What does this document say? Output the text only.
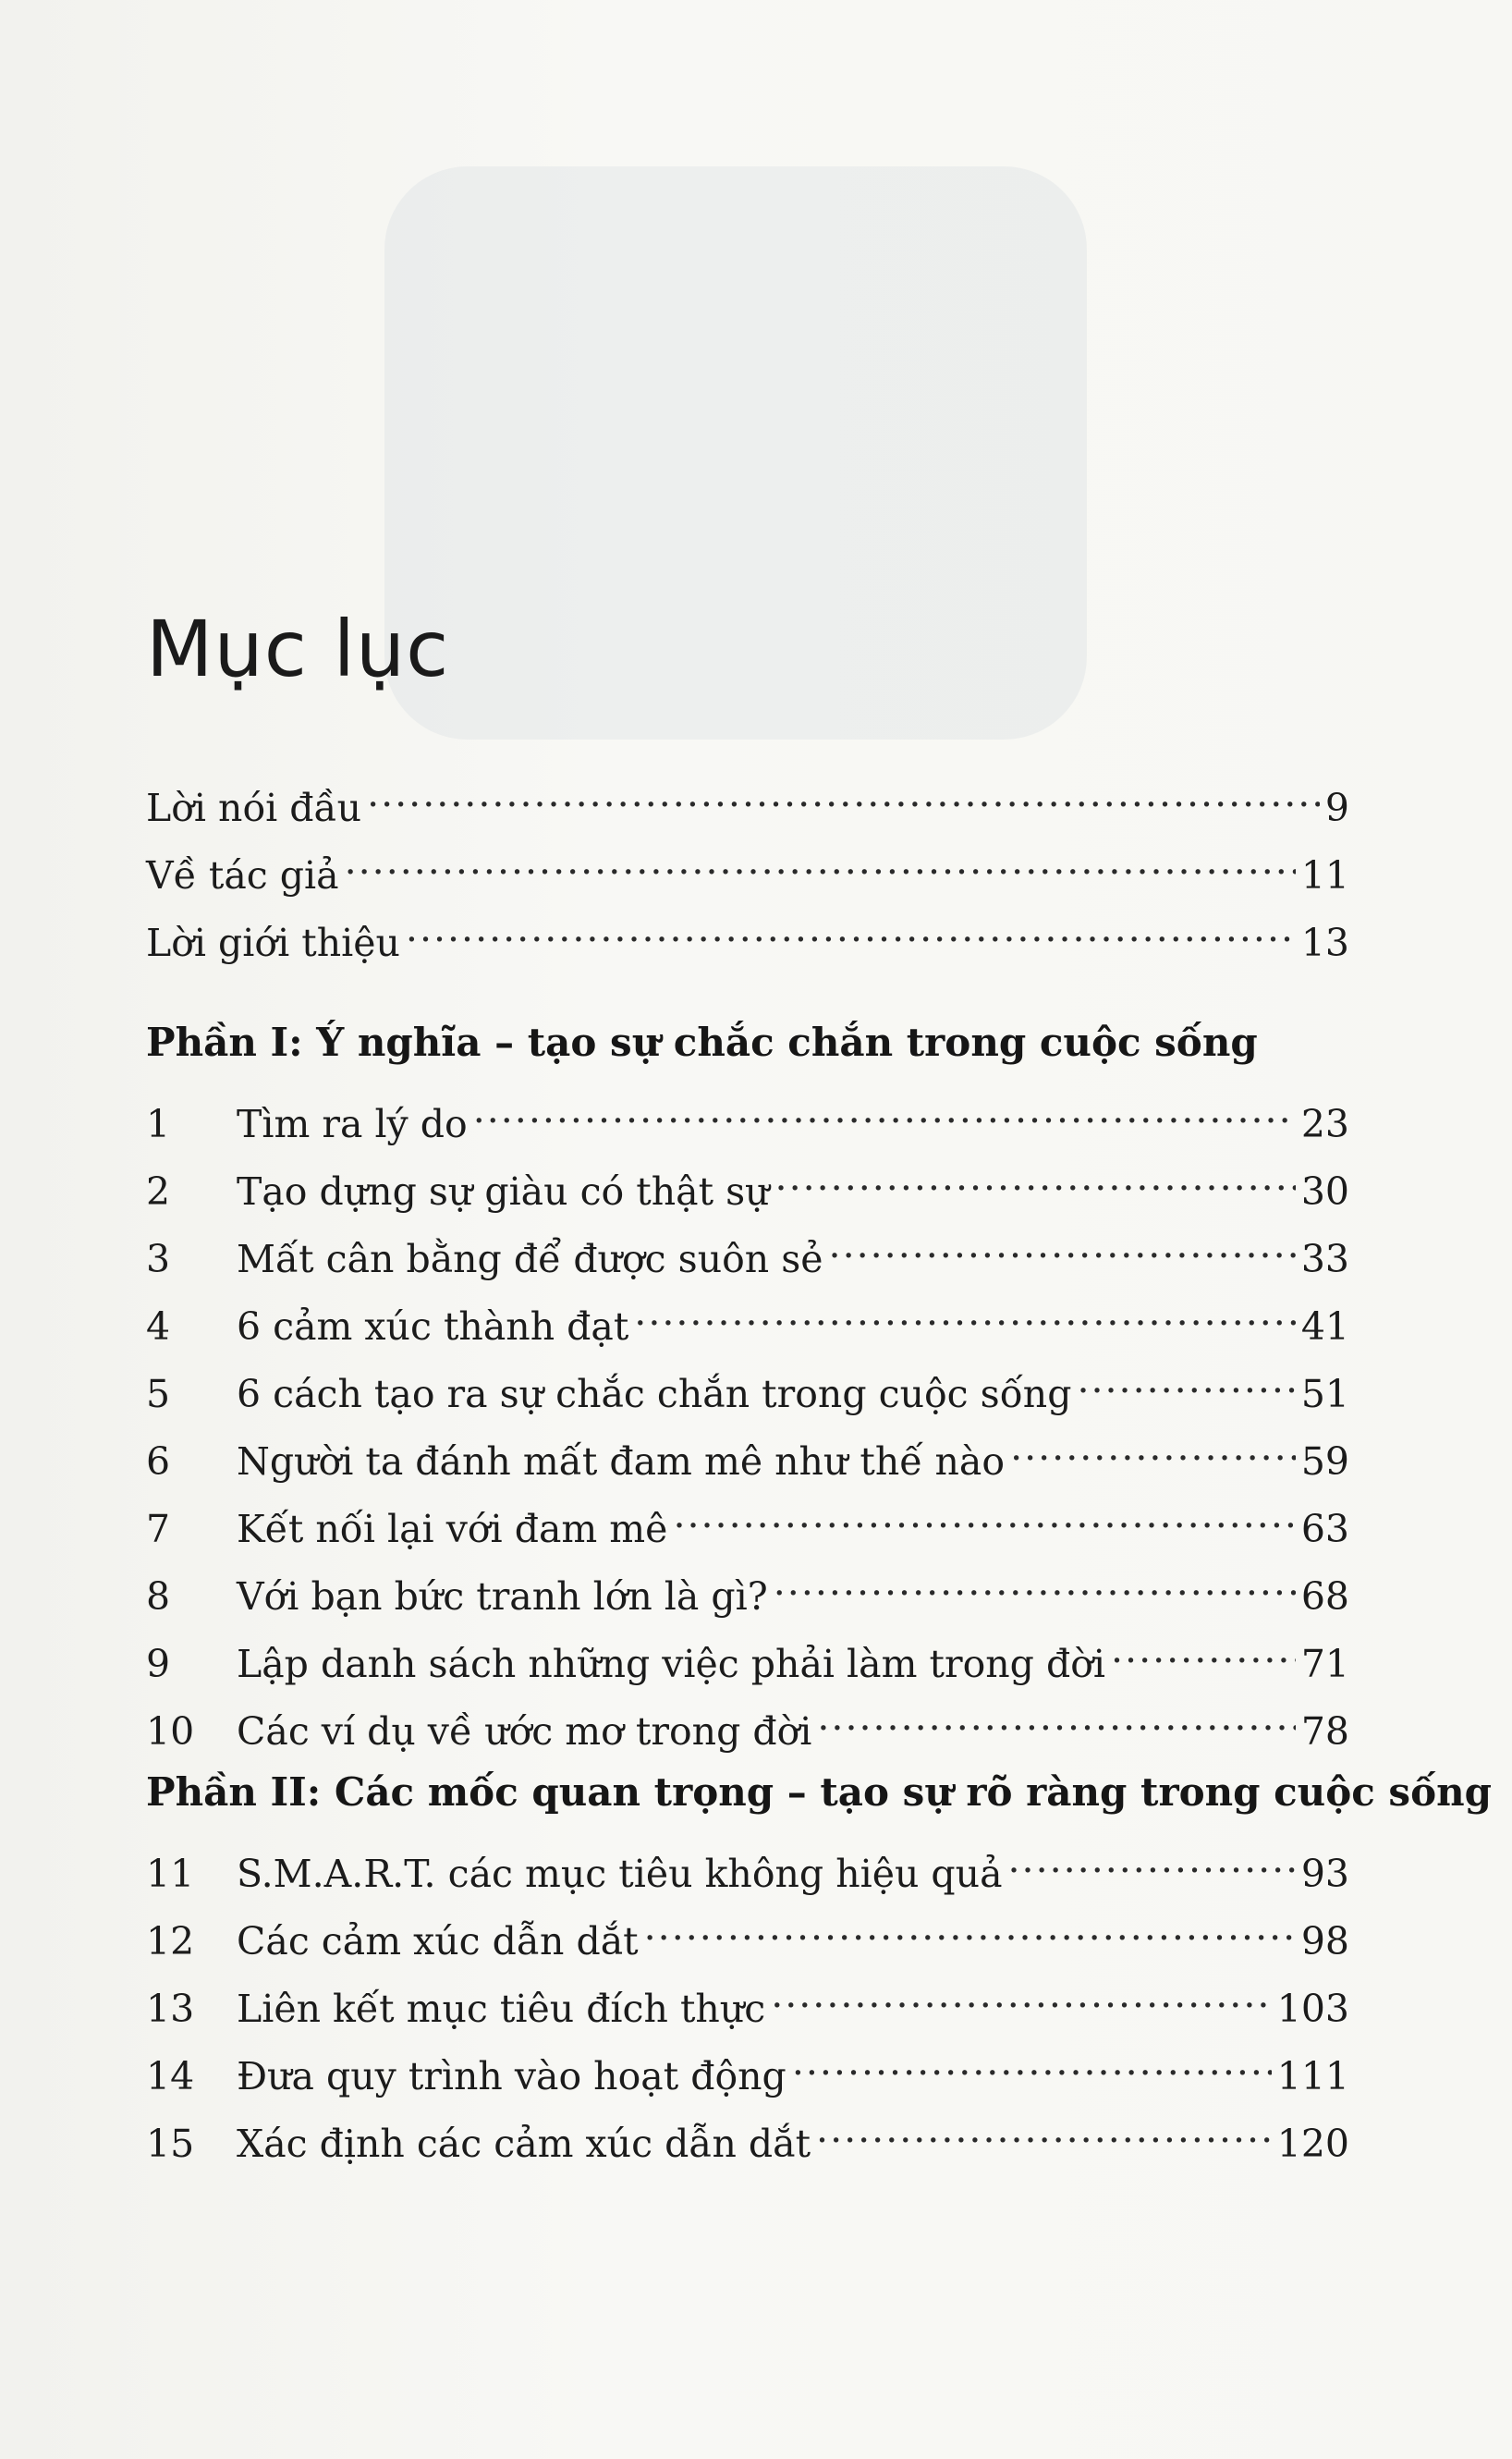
Mục lục
Lời nói đầu .....	9
Về tác giả .....	11
Lời giới thiệu .....	13
Phần I: Ý nghĩa – tạo sự chắc chắn trong cuộc sống
1	Tìm ra lý do .....	23
2	Tạo dựng sự giàu có thật sự .....	30
3	Mất cân bằng để được suôn sẻ .....	33
4	6 cảm xúc thành đạt .....	41
5	6 cách tạo ra sự chắc chắn trong cuộc sống .....	51
6	Người ta đánh mất đam mê như thế nào .....	59
7	Kết nối lại với đam mê .....	63
8	Với bạn bức tranh lớn là gì? .....	68
9	Lập danh sách những việc phải làm trong đời .....	71
10	Các ví dụ về ước mơ trong đời .....	78
Phần II: Các mốc quan trọng – tạo sự rõ ràng trong cuộc sống
11	S.M.A.R.T. các mục tiêu không hiệu quả .....	93
12	Các cảm xúc dẫn dắt .....	98
13	Liên kết mục tiêu đích thực .....	103
14	Đưa quy trình vào hoạt động .....	111
15	Xác định các cảm xúc dẫn dắt .....	120
